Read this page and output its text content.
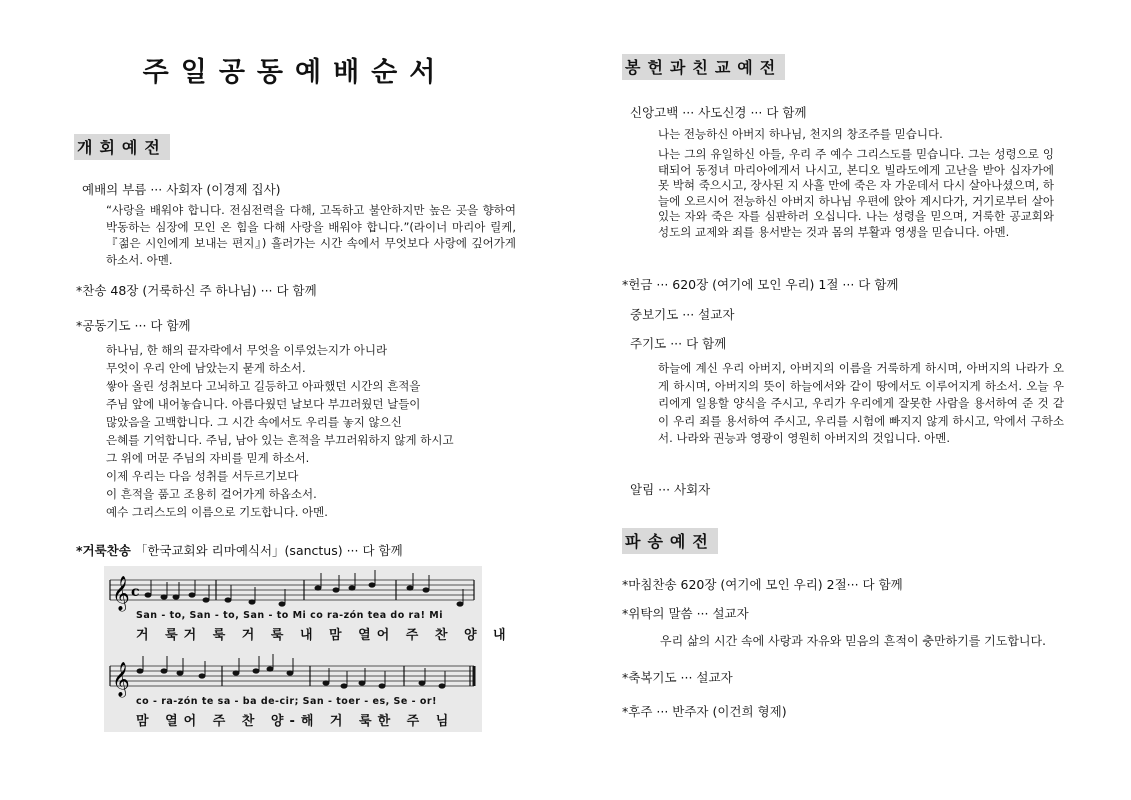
주일공동예배순서
개회예전
예배의 부름 ··· 사회자 (이경제 집사)
“사랑을 배워야 합니다. 전심전력을 다해, 고독하고 불안하지만 높은 곳을 향하여 박동하는 심장에 모인 온 힘을 다해 사랑을 배워야 합니다.”(라이너 마리아 릴케, 『젊은 시인에게 보내는 편지』) 흘러가는 시간 속에서 무엇보다 사랑에 깊어가게 하소서. 아멘.
*찬송 48장 (거룩하신 주 하나님) ··· 다 함께
*공동기도 ··· 다 함께
하나님, 한 해의 끝자락에서 무엇을 이루었는지가 아니라
무엇이 우리 안에 남았는지 묻게 하소서.
쌓아 올린 성취보다 고뇌하고 길등하고 아파했던 시간의 흔적을
주님 앞에 내어놓습니다. 아름다웠던 날보다 부끄러웠던 날들이
많았음을 고백합니다. 그 시간 속에서도 우리를 놓지 않으신
은혜를 기억합니다. 주님, 남아 있는 흔적을 부끄러워하지 않게 하시고
그 위에 머문 주님의 자비를 믿게 하소서.
이제 우리는 다음 성취를 서두르기보다
이 흔적을 품고 조용히 걸어가게 하옵소서.
예수 그리스도의 이름으로 기도합니다. 아멘.
*거룩찬송 「한국교회와 리마예식서」(sanctus) ··· 다 함께
𝄞
𝄞
c
San - to, San - to, San - to Mi co ra-zón tea do ra! Mi
거 룩거 룩 거 룩 내 맘 열어 주 찬 양 내
co - ra-zón te sa - ba de-cir; San - toer - es, Se - or!
맘 열어 주 찬 양-해 거 룩한 주 님
봉헌과친교예전
신앙고백 ··· 사도신경 ··· 다 함께
나는 전능하신 아버지 하나님, 천지의 창조주를 믿습니다.
나는 그의 유일하신 아들, 우리 주 예수 그리스도를 믿습니다. 그는 성령으로 잉태되어 동정녀 마리아에게서 나시고, 본디오 빌라도에게 고난을 받아 십자가에 못 박혀 죽으시고, 장사된 지 사흘 만에 죽은 자 가운데서 다시 살아나셨으며, 하늘에 오르시어 전능하신 아버지 하나님 우편에 앉아 계시다가, 거기로부터 살아 있는 자와 죽은 자를 심판하러 오십니다. 나는 성령을 믿으며, 거룩한 공교회와 성도의 교제와 죄를 용서받는 것과 몸의 부활과 영생을 믿습니다. 아멘.
*헌금 ··· 620장 (여기에 모인 우리) 1절 ··· 다 함께
중보기도 ··· 설교자
주기도 ··· 다 함께
하늘에 계신 우리 아버지, 아버지의 이름을 거룩하게 하시며, 아버지의 나라가 오게 하시며, 아버지의 뜻이 하늘에서와 같이 땅에서도 이루어지게 하소서. 오늘 우리에게 일용할 양식을 주시고, 우리가 우리에게 잘못한 사람을 용서하여 준 것 같이 우리 죄를 용서하여 주시고, 우리를 시험에 빠지지 않게 하시고, 악에서 구하소서. 나라와 권능과 영광이 영원히 아버지의 것입니다. 아멘.
알림 ··· 사회자
파송예전
*마침찬송 620장 (여기에 모인 우리) 2절··· 다 함께
*위탁의 말씀 ··· 설교자
우리 삶의 시간 속에 사랑과 자유와 믿음의 흔적이 충만하기를 기도합니다.
*축복기도 ··· 설교자
*후주 ··· 반주자 (이건희 형제)
